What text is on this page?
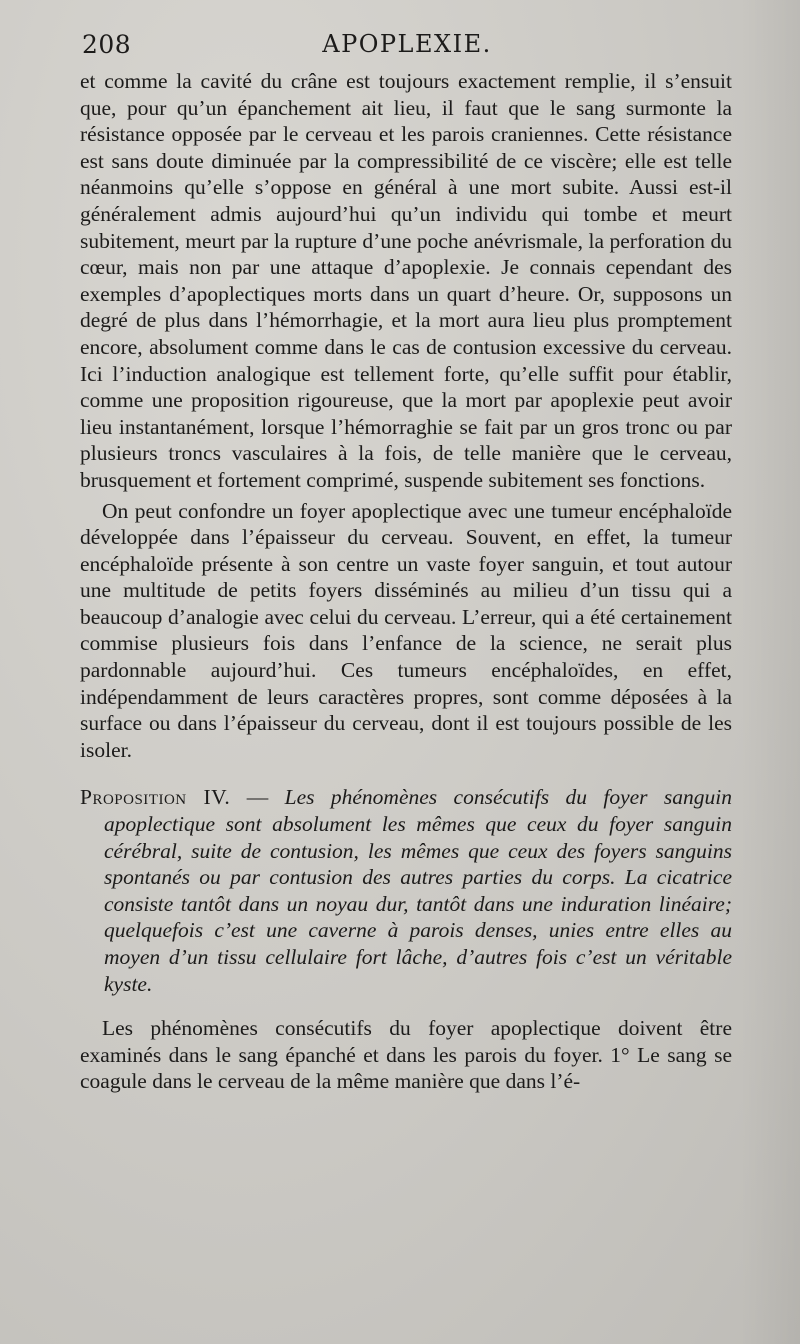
208	APOPLEXIE.

et comme la cavité du crâne est toujours exactement remplie, il s’ensuit que, pour qu’un épanchement ait lieu, il faut que le sang surmonte la résistance opposée par le cerveau et les parois craniennes. Cette résistance est sans doute diminuée par la compressibilité de ce viscère; elle est telle néanmoins qu’elle s’oppose en général à une mort subite. Aussi est-il généralement admis aujourd’hui qu’un individu qui tombe et meurt subitement, meurt par la rupture d’une poche anévrismale, la perforation du cœur, mais non par une attaque d’apoplexie. Je connais cependant des exemples d’apoplectiques morts dans un quart d’heure. Or, supposons un degré de plus dans l’hémorrhagie, et la mort aura lieu plus promptement encore, absolument comme dans le cas de contusion excessive du cerveau. Ici l’induction analogique est tellement forte, qu’elle suffit pour établir, comme une proposition rigoureuse, que la mort par apoplexie peut avoir lieu instantanément, lorsque l’hémorraghie se fait par un gros tronc ou par plusieurs troncs vasculaires à la fois, de telle manière que le cerveau, brusquement et fortement comprimé, suspende subitement ses fonctions.

On peut confondre un foyer apoplectique avec une tumeur encéphaloïde développée dans l’épaisseur du cerveau. Souvent, en effet, la tumeur encéphaloïde présente à son centre un vaste foyer sanguin, et tout autour une multitude de petits foyers disséminés au milieu d’un tissu qui a beaucoup d’analogie avec celui du cerveau. L’erreur, qui a été certainement commise plusieurs fois dans l’enfance de la science, ne serait plus pardonnable aujourd’hui. Ces tumeurs encéphaloïdes, en effet, indépendamment de leurs caractères propres, sont comme déposées à la surface ou dans l’épaisseur du cerveau, dont il est toujours possible de les isoler.

Proposition IV. — Les phénomènes consécutifs du foyer sanguin apoplectique sont absolument les mêmes que ceux du foyer sanguin cérébral, suite de contusion, les mêmes que ceux des foyers sanguins spontanés ou par contusion des autres parties du corps. La cicatrice consiste tantôt dans un noyau dur, tantôt dans une induration linéaire; quelquefois c’est une caverne à parois denses, unies entre elles au moyen d’un tissu cellulaire fort lâche, d’autres fois c’est un véritable kyste.

Les phénomènes consécutifs du foyer apoplectique doivent être examinés dans le sang épanché et dans les parois du foyer. 1° Le sang se coagule dans le cerveau de la même manière que dans l’é-
